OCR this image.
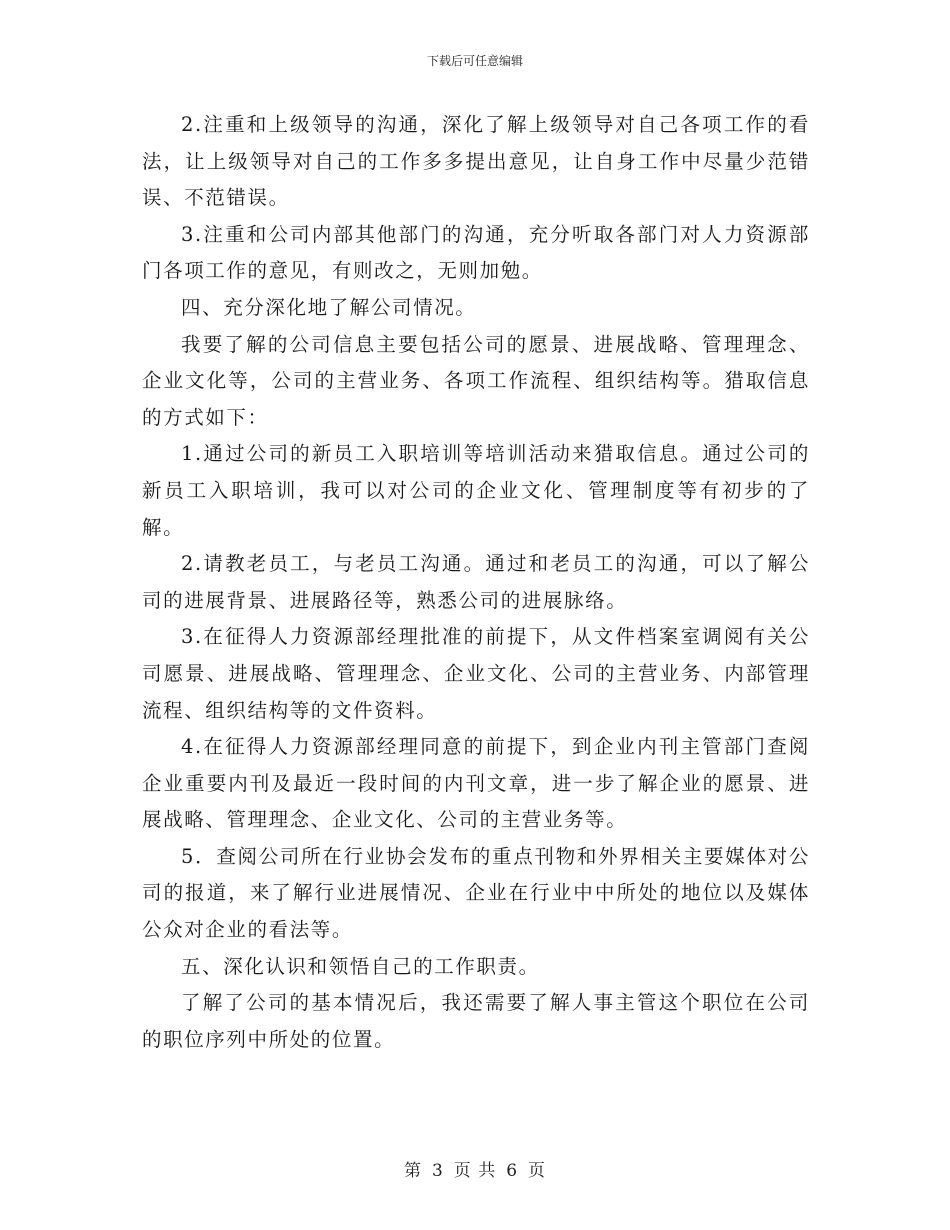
下载后可任意编辑

2.注重和上级领导的沟通，深化了解上级领导对自己各项工作的看法，让上级领导对自己的工作多多提出意见，让自身工作中尽量少范错误、不范错误。

3.注重和公司内部其他部门的沟通，充分听取各部门对人力资源部门各项工作的意见，有则改之，无则加勉。

四、充分深化地了解公司情况。

我要了解的公司信息主要包括公司的愿景、进展战略、管理理念、企业文化等，公司的主营业务、各项工作流程、组织结构等。猎取信息的方式如下：

1.通过公司的新员工入职培训等培训活动来猎取信息。通过公司的新员工入职培训，我可以对公司的企业文化、管理制度等有初步的了解。

2.请教老员工，与老员工沟通。通过和老员工的沟通，可以了解公司的进展背景、进展路径等，熟悉公司的进展脉络。

3.在征得人力资源部经理批准的前提下，从文件档案室调阅有关公司愿景、进展战略、管理理念、企业文化、公司的主营业务、内部管理流程、组织结构等的文件资料。

4.在征得人力资源部经理同意的前提下，到企业内刊主管部门查阅企业重要内刊及最近一段时间的内刊文章，进一步了解企业的愿景、进展战略、管理理念、企业文化、公司的主营业务等。

5．查阅公司所在行业协会发布的重点刊物和外界相关主要媒体对公司的报道，来了解行业进展情况、企业在行业中中所处的地位以及媒体公众对企业的看法等。

五、深化认识和领悟自己的工作职责。

了解了公司的基本情况后，我还需要了解人事主管这个职位在公司的职位序列中所处的位置。

第 3 页 共 6 页
